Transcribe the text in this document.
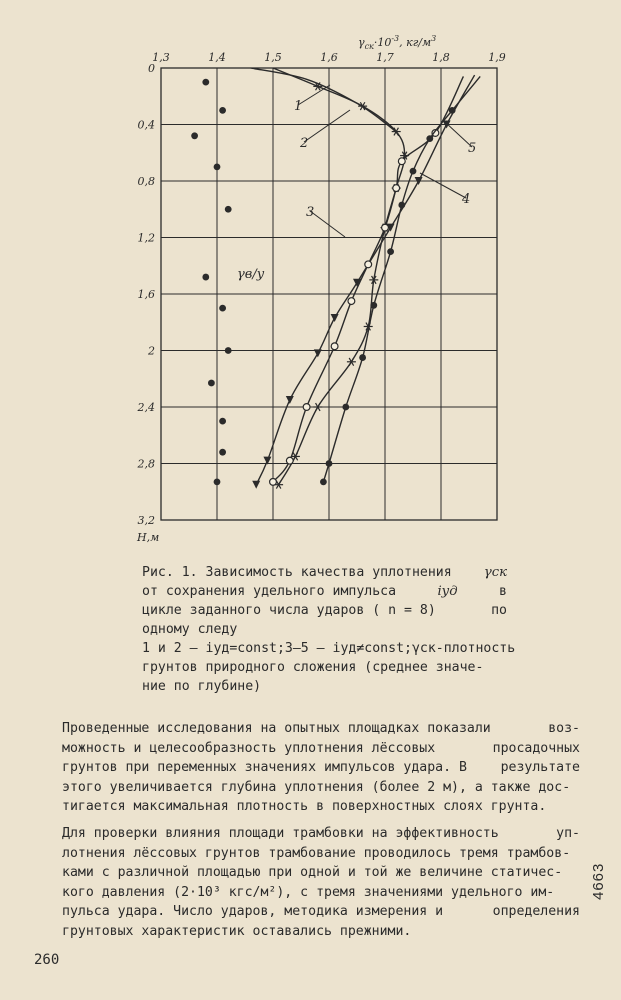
1,3	1,4	1,5	1,6	1,7	1,8	1,9
0
0,4
0,8
1,2
1,6
2
2,4
2,8
3,2
$\gamma_{ск}\cdot 10^{-3}$, $кг/м^3$
H,м
1
2
3
4
5
γв/у
Рис. 1. Зависимость качества уплотнения γск
от сохранения удельного импульса	iуд	в
цикле заданного числа ударов ( n = 8)	по
одному следу
1 и 2 – iуд=const;3–5 – iуд≠const;γск-плотность
грунтов природного сложения (среднее значе-
ние по глубине)
Проведенные исследования на опытных площадках показали	воз-
можность и целесообразность уплотнения лёссовых	просадочных
грунтов при переменных значениях импульсов удара. В	результате
этого увеличивается глубина уплотнения (более 2 м), а также дос-
тигается максимальная плотность в поверхностных слоях грунта.
Для проверки влияния площади трамбовки на эффективность	уп-
лотнения лёссовых грунтов трамбование проводилось тремя трамбов-
ками с различной площадью при одной и той же величине статичес-
кого давления (2·10³ кгс/м²), с тремя значениями удельного им-
пульса удара. Число ударов, методика измерения и	определения
грунтовых характеристик оставались прежними.
260
4663
